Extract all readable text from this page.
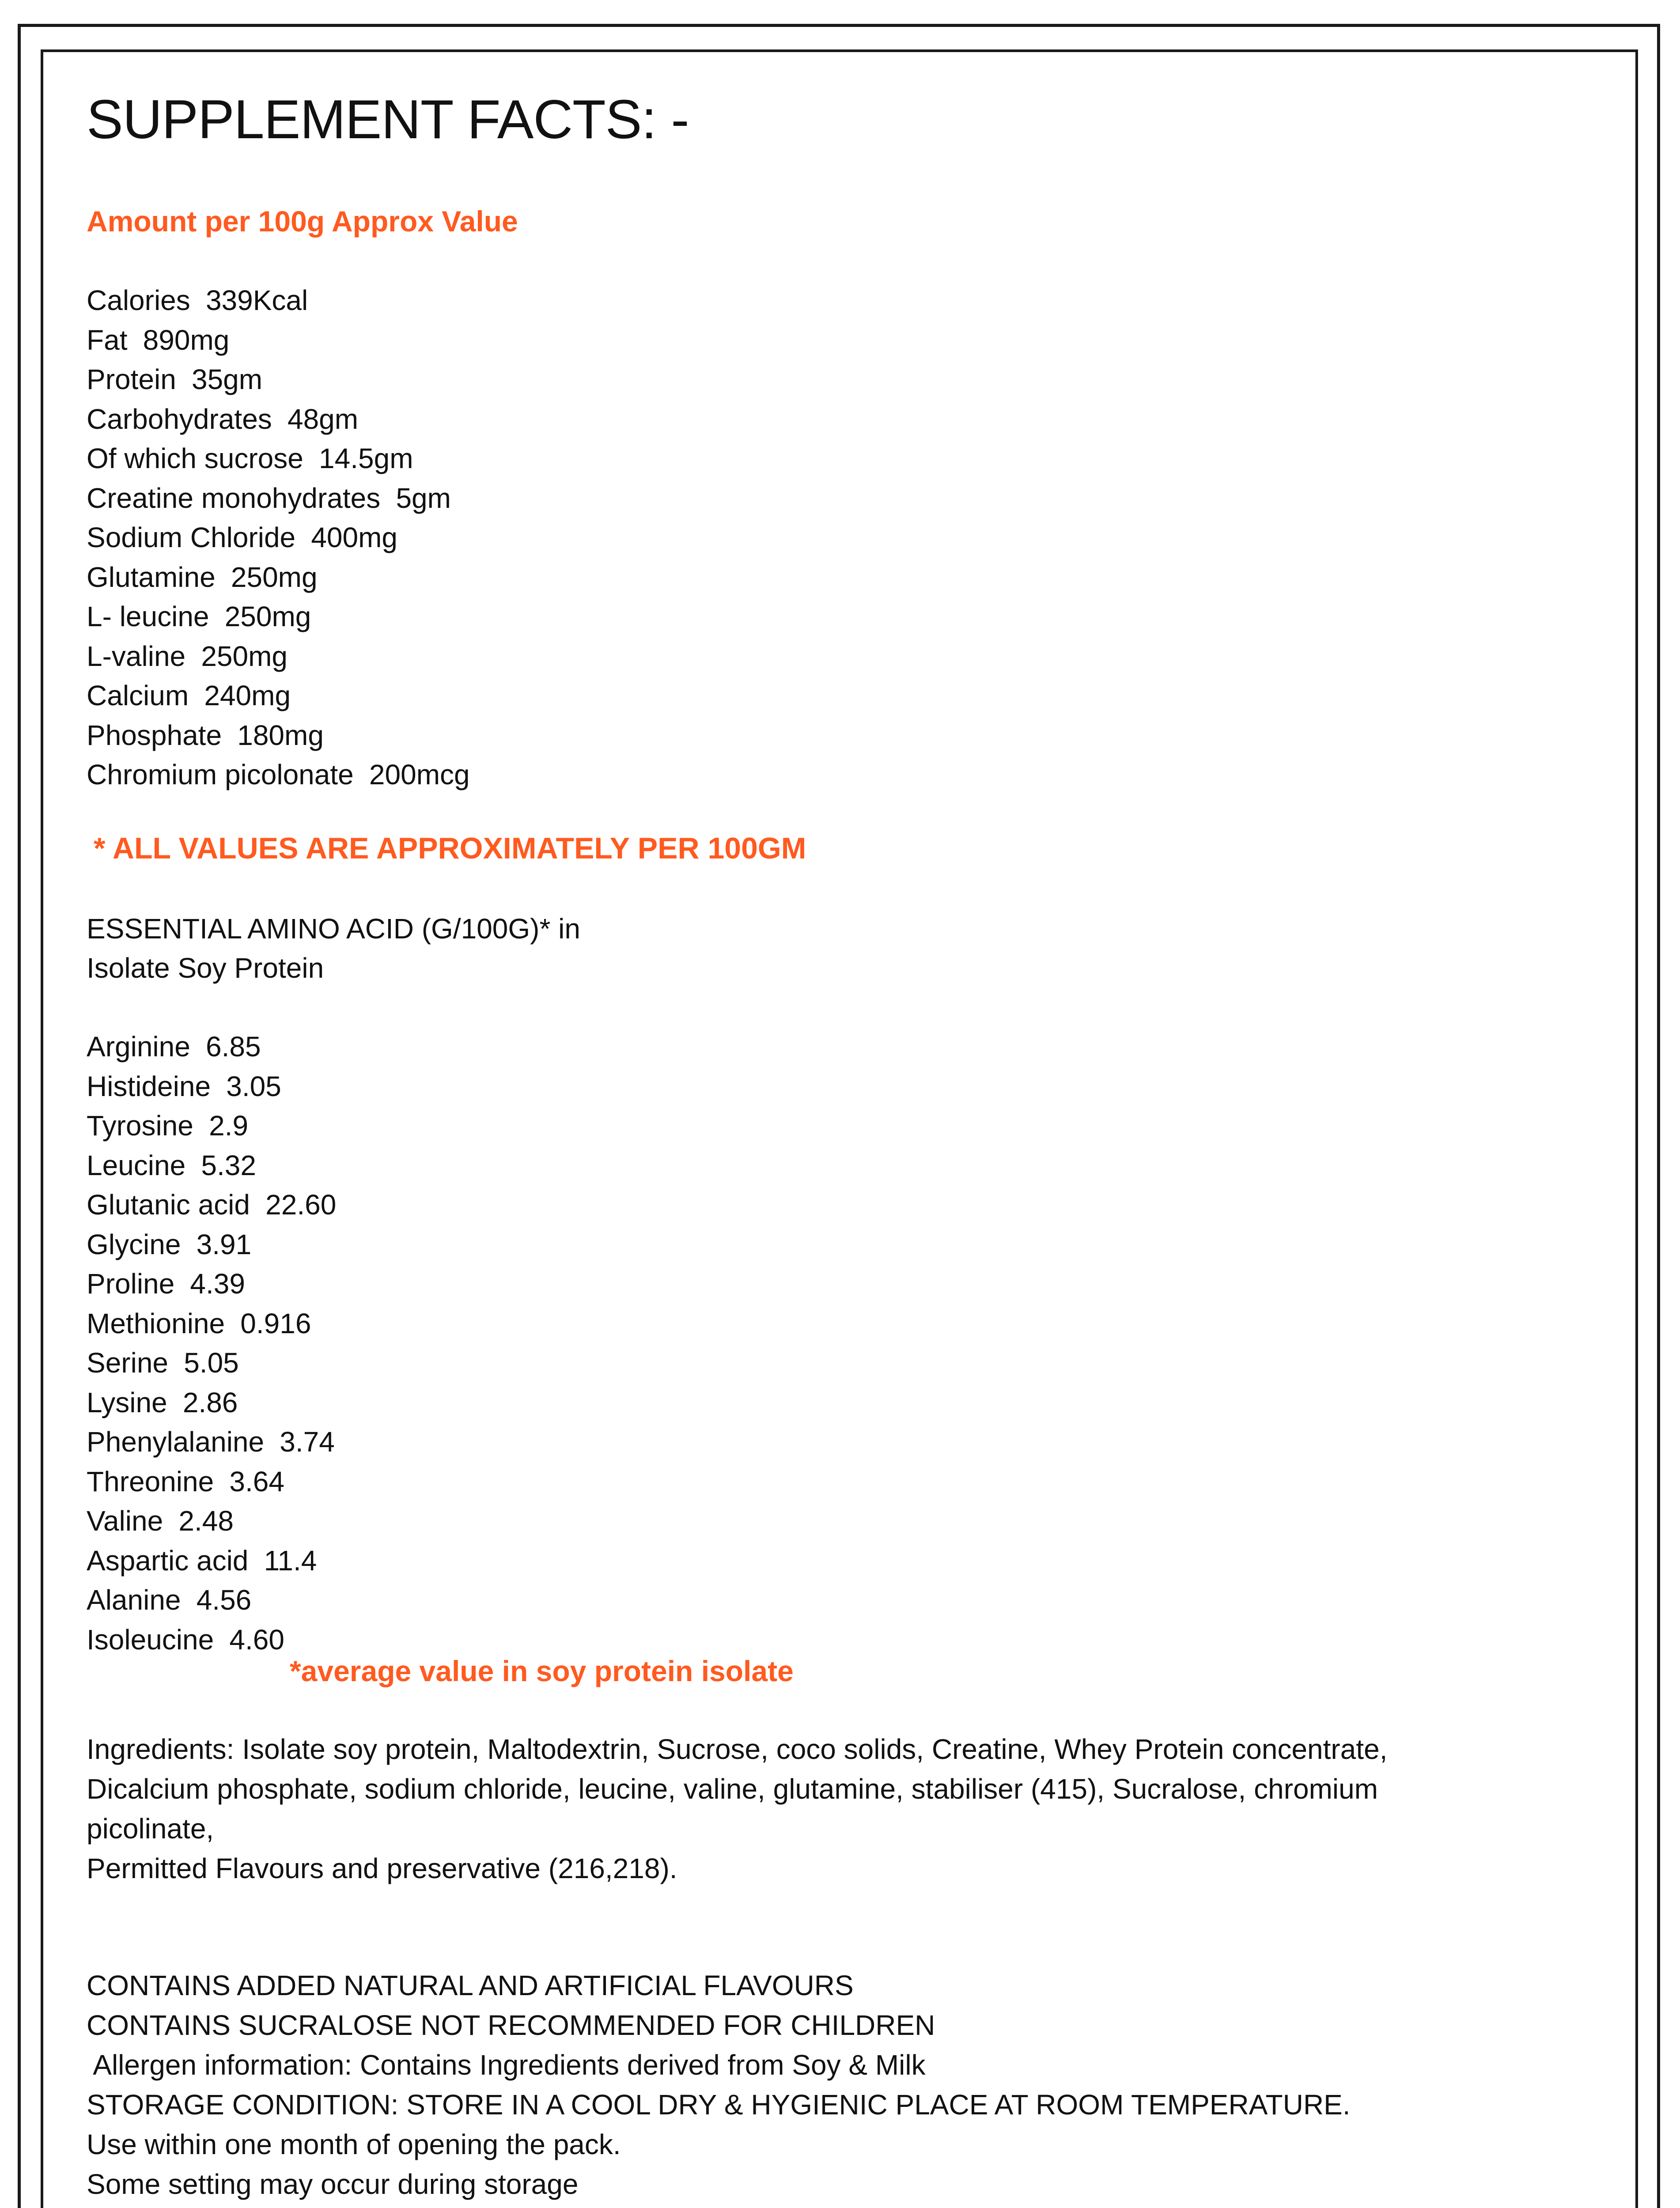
SUPPLEMENT FACTS: -
Amount per 100g Approx Value
Calories 339Kcal
Fat 890mg
Protein 35gm
Carbohydrates 48gm
Of which sucrose 14.5gm
Creatine monohydrates 5gm
Sodium Chloride 400mg
Glutamine 250mg
L- leucine 250mg
L-valine 250mg
Calcium 240mg
Phosphate 180mg
Chromium picolonate 200mcg
* ALL VALUES ARE APPROXIMATELY PER 100GM
ESSENTIAL AMINO ACID (G/100G)* in
Isolate Soy Protein
Arginine 6.85
Histideine 3.05
Tyrosine 2.9
Leucine 5.32
Glutanic acid 22.60
Glycine 3.91
Proline 4.39
Methionine 0.916
Serine 5.05
Lysine 2.86
Phenylalanine 3.74
Threonine 3.64
Valine 2.48
Aspartic acid 11.4
Alanine 4.56
Isoleucine 4.60
*average value in soy protein isolate
Ingredients: Isolate soy protein, Maltodextrin, Sucrose, coco solids, Creatine, Whey Protein concentrate,
Dicalcium phosphate, sodium chloride, leucine, valine, glutamine, stabiliser (415), Sucralose, chromium
picolinate,
Permitted Flavours and preservative (216,218).
CONTAINS ADDED NATURAL AND ARTIFICIAL FLAVOURS
CONTAINS SUCRALOSE NOT RECOMMENDED FOR CHILDREN
Allergen information: Contains Ingredients derived from Soy & Milk
STORAGE CONDITION: STORE IN A COOL DRY & HYGIENIC PLACE AT ROOM TEMPERATURE.
Use within one month of opening the pack.
Some setting may occur during storage
